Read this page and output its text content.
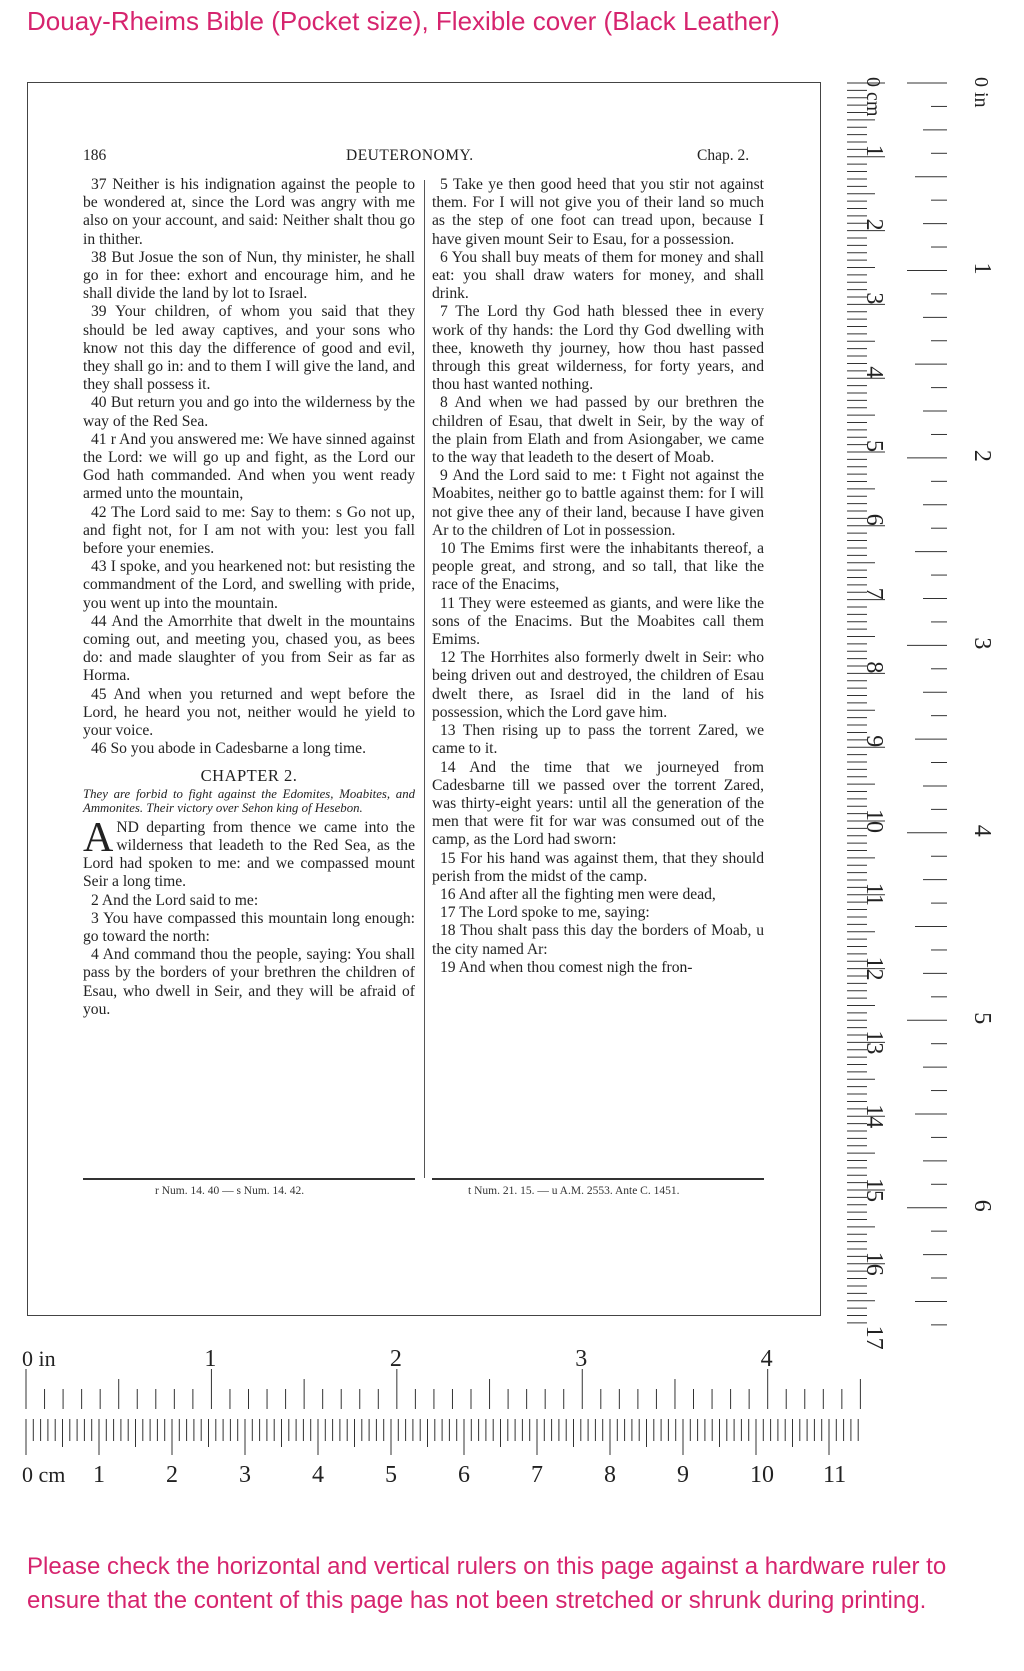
Douay-Rheims Bible (Pocket size), Flexible cover (Black Leather)
186	DEUTERONOMY.	Chap. 2.

37 Neither is his indignation against the people to be wondered at, since the Lord was angry with me also on your account, and said: Neither shalt thou go in thither.

38 But Josue the son of Nun, thy minister, he shall go in for thee: exhort and encourage him, and he shall divide the land by lot to Israel.

39 Your children, of whom you said that they should be led away captives, and your sons who know not this day the difference of good and evil, they shall go in: and to them I will give the land, and they shall possess it.

40 But return you and go into the wilderness by the way of the Red Sea.

41 r And you answered me: We have sinned against the Lord: we will go up and fight, as the Lord our God hath commanded. And when you went ready armed unto the mountain,

42 The Lord said to me: Say to them: s Go not up, and fight not, for I am not with you: lest you fall before your enemies.

43 I spoke, and you hearkened not: but resisting the commandment of the Lord, and swelling with pride, you went up into the mountain.

44 And the Amorrhite that dwelt in the mountains coming out, and meeting you, chased you, as bees do: and made slaughter of you from Seir as far as Horma.

45 And when you returned and wept before the Lord, he heard you not, neither would he yield to your voice.

46 So you abode in Cadesbarne a long time.

CHAPTER 2.

They are forbid to fight against the Edomites, Moabites, and Ammonites. Their victory over Sehon king of Hesebon.

AND departing from thence we came into the wilderness that leadeth to the Red Sea, as the Lord had spoken to me: and we compassed mount Seir a long time.

2 And the Lord said to me:

3 You have compassed this mountain long enough: go toward the north:

4 And command thou the people, saying: You shall pass by the borders of your brethren the children of Esau, who dwell in Seir, and they will be afraid of you.

5 Take ye then good heed that you stir not against them. For I will not give you of their land so much as the step of one foot can tread upon, because I have given mount Seir to Esau, for a possession.

6 You shall buy meats of them for money and shall eat: you shall draw waters for money, and shall drink.

7 The Lord thy God hath blessed thee in every work of thy hands: the Lord thy God dwelling with thee, knoweth thy journey, how thou hast passed through this great wilderness, for forty years, and thou hast wanted nothing.

8 And when we had passed by our brethren the children of Esau, that dwelt in Seir, by the way of the plain from Elath and from Asiongaber, we came to the way that leadeth to the desert of Moab.

9 And the Lord said to me: t Fight not against the Moabites, neither go to battle against them: for I will not give thee any of their land, because I have given Ar to the children of Lot in possession.

10 The Emims first were the inhabitants thereof, a people great, and strong, and so tall, that like the race of the Enacims,

11 They were esteemed as giants, and were like the sons of the Enacims. But the Moabites call them Emims.

12 The Horrhites also formerly dwelt in Seir: who being driven out and destroyed, the children of Esau dwelt there, as Israel did in the land of his possession, which the Lord gave him.

13 Then rising up to pass the torrent Zared, we came to it.

14 And the time that we journeyed from Cadesbarne till we passed over the torrent Zared, was thirty-eight years: until all the generation of the men that were fit for war was consumed out of the camp, as the Lord had sworn:

15 For his hand was against them, that they should perish from the midst of the camp.

16 And after all the fighting men were dead,

17 The Lord spoke to me, saying:

18 Thou shalt pass this day the borders of Moab, u the city named Ar:

19 And when thou comest nigh the fron-

r Num. 14. 40 — s Num. 14. 42.	t Num. 21. 15. — u A.M. 2553. Ante C. 1451.
0 cm	0 in
1
2
3
4
5
6
7
8
9
10
11
12
13
14
15
16
17
1
2
3
4
5
6
0 in
0 cm
1	2	3	4
1	2	3	4	5	6	7	8	9	10 11
Please check the horizontal and vertical rulers on this page against a hardware ruler to ensure that the content of this page has not been stretched or shrunk during printing.
